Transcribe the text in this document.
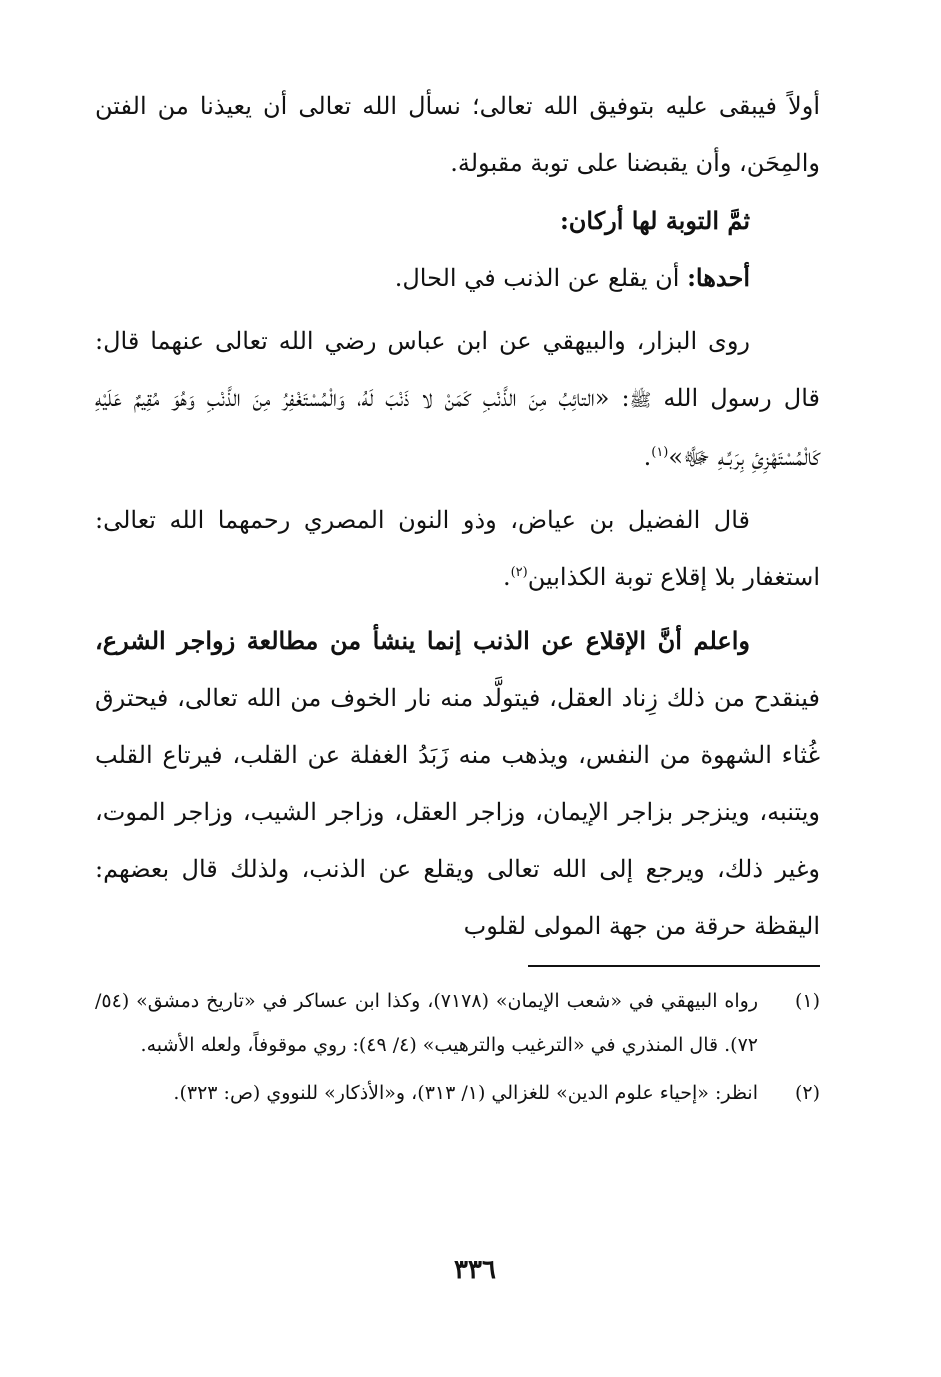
أولاً فيبقى عليه بتوفيق الله تعالى؛ نسأل الله تعالى أن يعيذنا من الفتن والمِحَن، وأن يقبضنا على توبة مقبولة.

ثمَّ التوبة لها أركان:

أحدها: أن يقلع عن الذنب في الحال.

روى البزار، والبيهقي عن ابن عباس رضي الله تعالى عنهما قال: قال رسول الله ﷺ: «التائِبُ مِنَ الذَّنْبِ كَمَنْ لا ذَنْبَ لَهُ، وَالْمُسْتَغْفِرُ مِنَ الذَّنْبِ وَهُوَ مُقِيمٌ عَلَيْهِ كَالْمُسْتَهْزِئِ بِرَبِّـهِ ﷻ»$^{(١)}$.

قال الفضيل بن عياض، وذو النون المصري رحمهما الله تعالى: استغفار بلا إقلاع توبة الكذابين$^{(٢)}$.

واعلم أنَّ الإقلاع عن الذنب إنما ينشأ من مطالعة زواجر الشرع، فينقدح من ذلك زِناد العقل، فيتولَّد منه نار الخوف من الله تعالى، فيحترق غُثاء الشهوة من النفس، ويذهب منه زَبَدُ الغفلة عن القلب، فيرتاع القلب ويتنبه، وينزجر بزاجر الإيمان، وزاجر العقل، وزاجر الشيب، وزاجر الموت، وغير ذلك، ويرجع إلى الله تعالى ويقلع عن الذنب، ولذلك قال بعضهم: اليقظة حرقة من جهة المولى لقلوب

(١)
رواه البيهقي في «شعب الإيمان» (٧١٧٨)، وكذا ابن عساكر في «تاريخ دمشق» (٥٤/ ٧٢). قال المنذري في «الترغيب والترهيب» (٤/ ٤٩): روي موقوفاً، ولعله الأشبه.

(٢)
انظر: «إحياء علوم الدين» للغزالي (١/ ٣١٣)، و«الأذكار» للنووي (ص: ٣٢٣).

٣٣٦
